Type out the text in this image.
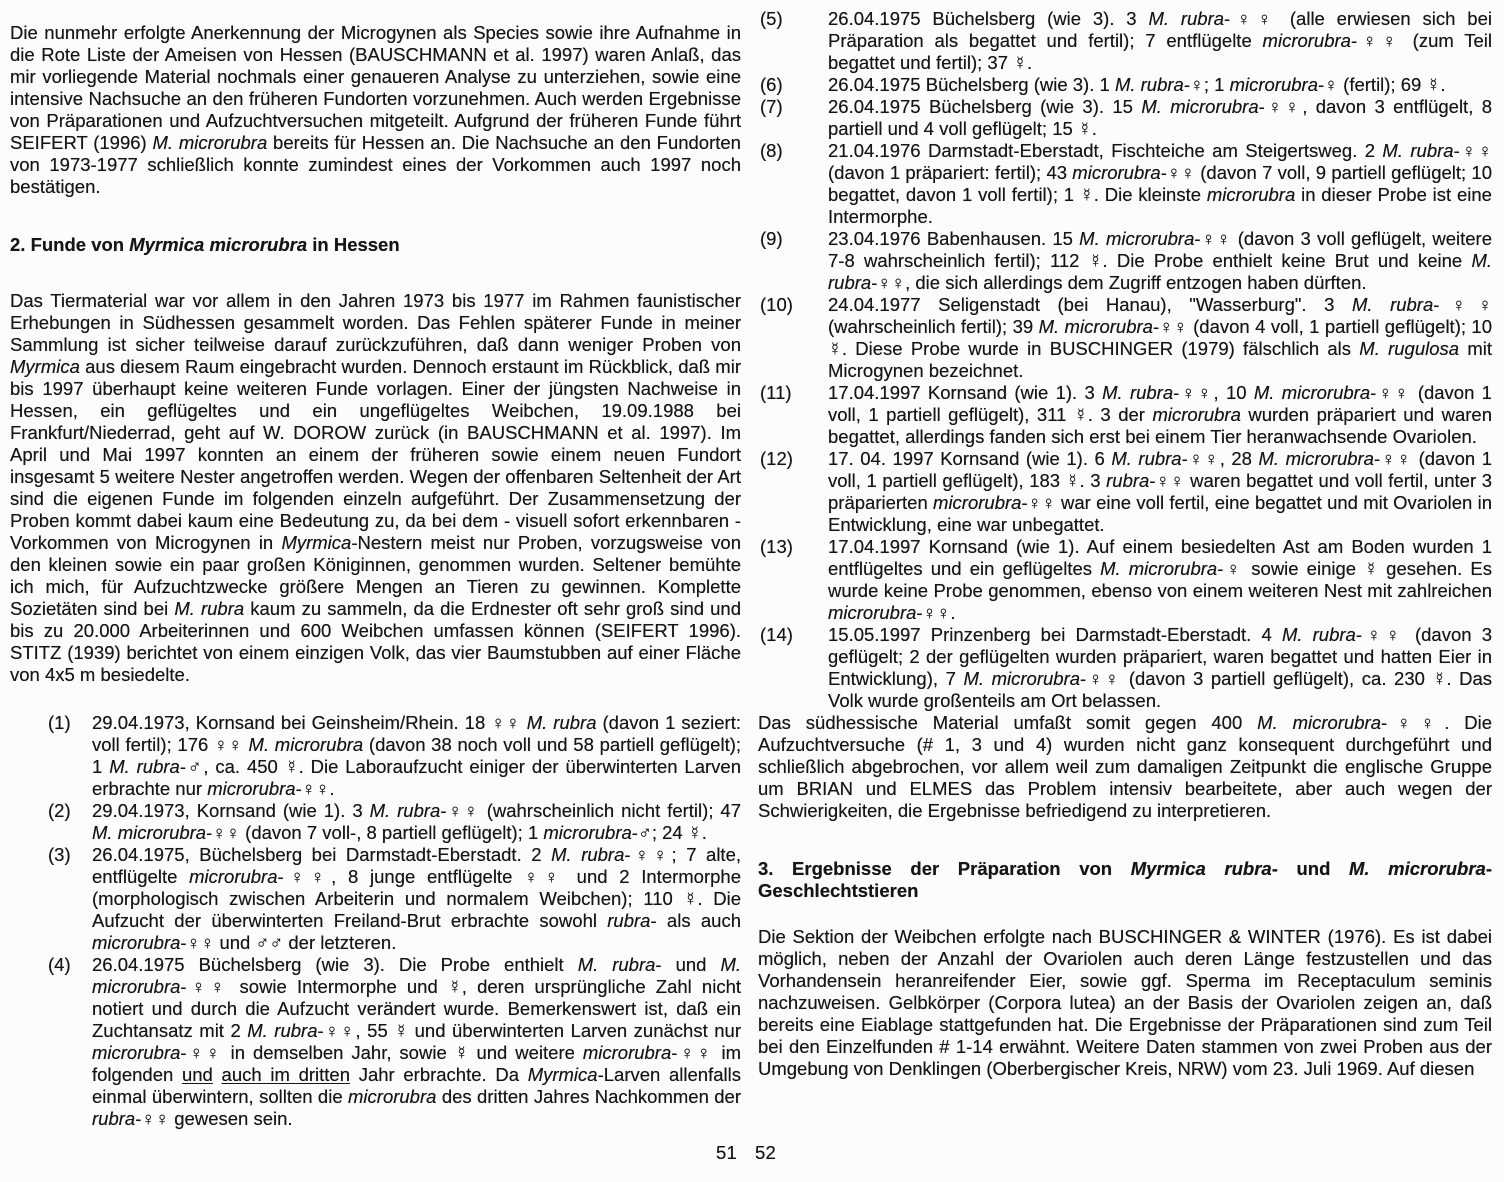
Die nunmehr erfolgte Anerkennung der Microgynen als Species sowie ihre Aufnahme in die Rote Liste der Ameisen von Hessen (BAUSCHMANN et al. 1997) waren Anlaß, das mir vorliegende Material nochmals einer genaueren Analyse zu unterziehen, sowie eine intensive Nachsuche an den früheren Fundorten vorzunehmen. Auch werden Ergebnisse von Präparationen und Aufzuchtversuchen mitgeteilt. Aufgrund der früheren Funde führt SEIFERT (1996) M. microrubra bereits für Hessen an. Die Nachsuche an den Fundorten von 1973-1977 schließlich konnte zumindest eines der Vorkommen auch 1997 noch bestätigen.

2. Funde von Myrmica microrubra in Hessen

Das Tiermaterial war vor allem in den Jahren 1973 bis 1977 im Rahmen faunistischer Erhebungen in Südhessen gesammelt worden. Das Fehlen späterer Funde in meiner Sammlung ist sicher teilweise darauf zurückzuführen, daß dann weniger Proben von Myrmica aus diesem Raum eingebracht wurden. Dennoch erstaunt im Rückblick, daß mir bis 1997 überhaupt keine weiteren Funde vorlagen. Einer der jüngsten Nachweise in Hessen, ein geflügeltes und ein ungeflügeltes Weibchen, 19.09.1988 bei Frankfurt/Niederrad, geht auf W. DOROW zurück (in BAUSCHMANN et al. 1997). Im April und Mai 1997 konnten an einem der früheren sowie einem neuen Fundort insgesamt 5 weitere Nester angetroffen werden. Wegen der offenbaren Seltenheit der Art sind die eigenen Funde im folgenden einzeln aufgeführt. Der Zusammensetzung der Proben kommt dabei kaum eine Bedeutung zu, da bei dem - visuell sofort erkennbaren - Vorkommen von Microgynen in Myrmica-Nestern meist nur Proben, vorzugsweise von den kleinen sowie ein paar großen Königinnen, genommen wurden. Seltener bemühte ich mich, für Aufzuchtzwecke größere Mengen an Tieren zu gewinnen. Komplette Sozietäten sind bei M. rubra kaum zu sammeln, da die Erdnester oft sehr groß sind und bis zu 20.000 Arbeiterinnen und 600 Weibchen umfassen können (SEIFERT 1996). STITZ (1939) berichtet von einem einzigen Volk, das vier Baumstubben auf einer Fläche von 4x5 m besiedelte.

(1)	29.04.1973, Kornsand bei Geinsheim/Rhein. 18 ♀♀ M. rubra (davon 1 seziert: voll fertil); 176 ♀♀ M. microrubra (davon 38 noch voll und 58 partiell geflügelt); 1 M. rubra-♂, ca. 450 ☿. Die Laboraufzucht einiger der überwinterten Larven erbrachte nur microrubra-♀♀.
(2)	29.04.1973, Kornsand (wie 1). 3 M. rubra-♀♀ (wahrscheinlich nicht fertil); 47 M. microrubra-♀♀ (davon 7 voll-, 8 partiell geflügelt); 1 microrubra-♂; 24 ☿.
(3)	26.04.1975, Büchelsberg bei Darmstadt-Eberstadt. 2 M. rubra-♀♀; 7 alte, entflügelte microrubra-♀♀, 8 junge entflügelte ♀♀ und 2 Intermorphe (morphologisch zwischen Arbeiterin und normalem Weibchen); 110 ☿. Die Aufzucht der überwinterten Freiland-Brut erbrachte sowohl rubra- als auch microrubra-♀♀ und ♂♂ der letzteren.
(4)	26.04.1975 Büchelsberg (wie 3). Die Probe enthielt M. rubra- und M. microrubra-♀♀ sowie Intermorphe und ☿, deren ursprüngliche Zahl nicht notiert und durch die Aufzucht verändert wurde. Bemerkenswert ist, daß ein Zuchtansatz mit 2 M. rubra-♀♀, 55 ☿ und überwinterten Larven zunächst nur microrubra-♀♀ in demselben Jahr, sowie ☿ und weitere microrubra-♀♀ im folgenden und auch im dritten Jahr erbrachte. Da Myrmica-Larven allenfalls einmal überwintern, sollten die microrubra des dritten Jahres Nachkommen der rubra-♀♀ gewesen sein.
(5)	26.04.1975 Büchelsberg (wie 3). 3 M. rubra-♀♀ (alle erwiesen sich bei Präparation als begattet und fertil); 7 entflügelte microrubra-♀♀ (zum Teil begattet und fertil); 37 ☿.
(6)	26.04.1975 Büchelsberg (wie 3). 1 M. rubra-♀; 1 microrubra-♀ (fertil); 69 ☿.
(7)	26.04.1975 Büchelsberg (wie 3). 15 M. microrubra-♀♀, davon 3 entflügelt, 8 partiell und 4 voll geflügelt; 15 ☿.
(8)	21.04.1976 Darmstadt-Eberstadt, Fischteiche am Steigertsweg. 2 M. rubra-♀♀ (davon 1 präpariert: fertil); 43 microrubra-♀♀ (davon 7 voll, 9 partiell geflügelt; 10 begattet, davon 1 voll fertil); 1 ☿. Die kleinste microrubra in dieser Probe ist eine Intermorphe.
(9)	23.04.1976 Babenhausen. 15 M. microrubra-♀♀ (davon 3 voll geflügelt, weitere 7-8 wahrscheinlich fertil); 112 ☿. Die Probe enthielt keine Brut und keine M. rubra-♀♀, die sich allerdings dem Zugriff entzogen haben dürften.
(10)	24.04.1977 Seligenstadt (bei Hanau), "Wasserburg". 3 M. rubra-♀♀ (wahrscheinlich fertil); 39 M. microrubra-♀♀ (davon 4 voll, 1 partiell geflügelt); 10 ☿. Diese Probe wurde in BUSCHINGER (1979) fälschlich als M. rugulosa mit Microgynen bezeichnet.
(11)	17.04.1997 Kornsand (wie 1). 3 M. rubra-♀♀, 10 M. microrubra-♀♀ (davon 1 voll, 1 partiell geflügelt), 311 ☿. 3 der microrubra wurden präpariert und waren begattet, allerdings fanden sich erst bei einem Tier heranwachsende Ovariolen.
(12)	17. 04. 1997 Kornsand (wie 1). 6 M. rubra-♀♀, 28 M. microrubra-♀♀ (davon 1 voll, 1 partiell geflügelt), 183 ☿. 3 rubra-♀♀ waren begattet und voll fertil, unter 3 präparierten microrubra-♀♀ war eine voll fertil, eine begattet und mit Ovariolen in Entwicklung, eine war unbegattet.
(13)	17.04.1997 Kornsand (wie 1). Auf einem besiedelten Ast am Boden wurden 1 entflügeltes und ein geflügeltes M. microrubra-♀ sowie einige ☿ gesehen. Es wurde keine Probe genommen, ebenso von einem weiteren Nest mit zahlreichen microrubra-♀♀.
(14)	15.05.1997 Prinzenberg bei Darmstadt-Eberstadt. 4 M. rubra-♀♀ (davon 3 geflügelt; 2 der geflügelten wurden präpariert, waren begattet und hatten Eier in Entwicklung), 7 M. microrubra-♀♀ (davon 3 partiell geflügelt), ca. 230 ☿. Das Volk wurde großenteils am Ort belassen.

Das südhessische Material umfaßt somit gegen 400 M. microrubra-♀♀. Die Aufzuchtversuche (# 1, 3 und 4) wurden nicht ganz konsequent durchgeführt und schließlich abgebrochen, vor allem weil zum damaligen Zeitpunkt die englische Gruppe um BRIAN und ELMES das Problem intensiv bearbeitete, aber auch wegen der Schwierigkeiten, die Ergebnisse befriedigend zu interpretieren.

3. Ergebnisse der Präparation von Myrmica rubra- und M. microrubra-Geschlechtstieren

Die Sektion der Weibchen erfolgte nach BUSCHINGER & WINTER (1976). Es ist dabei möglich, neben der Anzahl der Ovariolen auch deren Länge festzustellen und das Vorhandensein heranreifender Eier, sowie ggf. Sperma im Receptaculum seminis nachzuweisen. Gelbkörper (Corpora lutea) an der Basis der Ovariolen zeigen an, daß bereits eine Eiablage stattgefunden hat. Die Ergebnisse der Präparationen sind zum Teil bei den Einzelfunden # 1-14 erwähnt. Weitere Daten stammen von zwei Proben aus der Umgebung von Denklingen (Oberbergischer Kreis, NRW) vom 23. Juli 1969. Auf diesen

51 52
